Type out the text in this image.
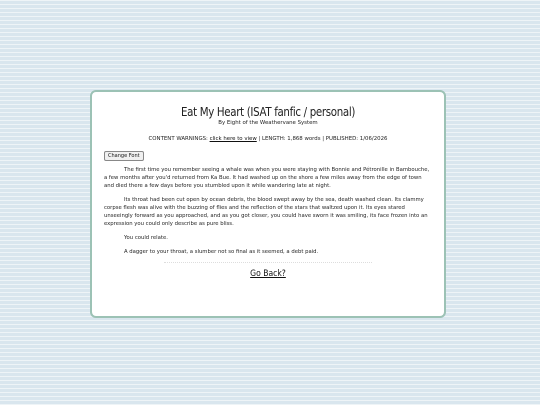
Eat My Heart (ISAT fanfic / personal)
By Eight of the Weathervane System
CONTENT WARNINGS: click here to view | LENGTH: 1,868 words | PUBLISHED: 1/06/2026
Change Font

The first time you remember seeing a whale was when you were staying with Bonnie and Pétronille in Bambouche, a few months after you'd returned from Ka Bue. It had washed up on the shore a few miles away from the edge of town and died there a few days before you stumbled upon it while wandering late at night.

Its throat had been cut open by ocean debris, the blood swept away by the sea, death washed clean. Its clammy corpse flesh was alive with the buzzing of flies and the reflection of the stars that waltzed upon it. Its eyes stared unseeingly forward as you approached, and as you got closer, you could have sworn it was smiling, its face frozen into an expression you could only describe as pure bliss.

You could relate.

A dagger to your throat, a slumber not so final as it seemed, a debt paid.

Go Back?
